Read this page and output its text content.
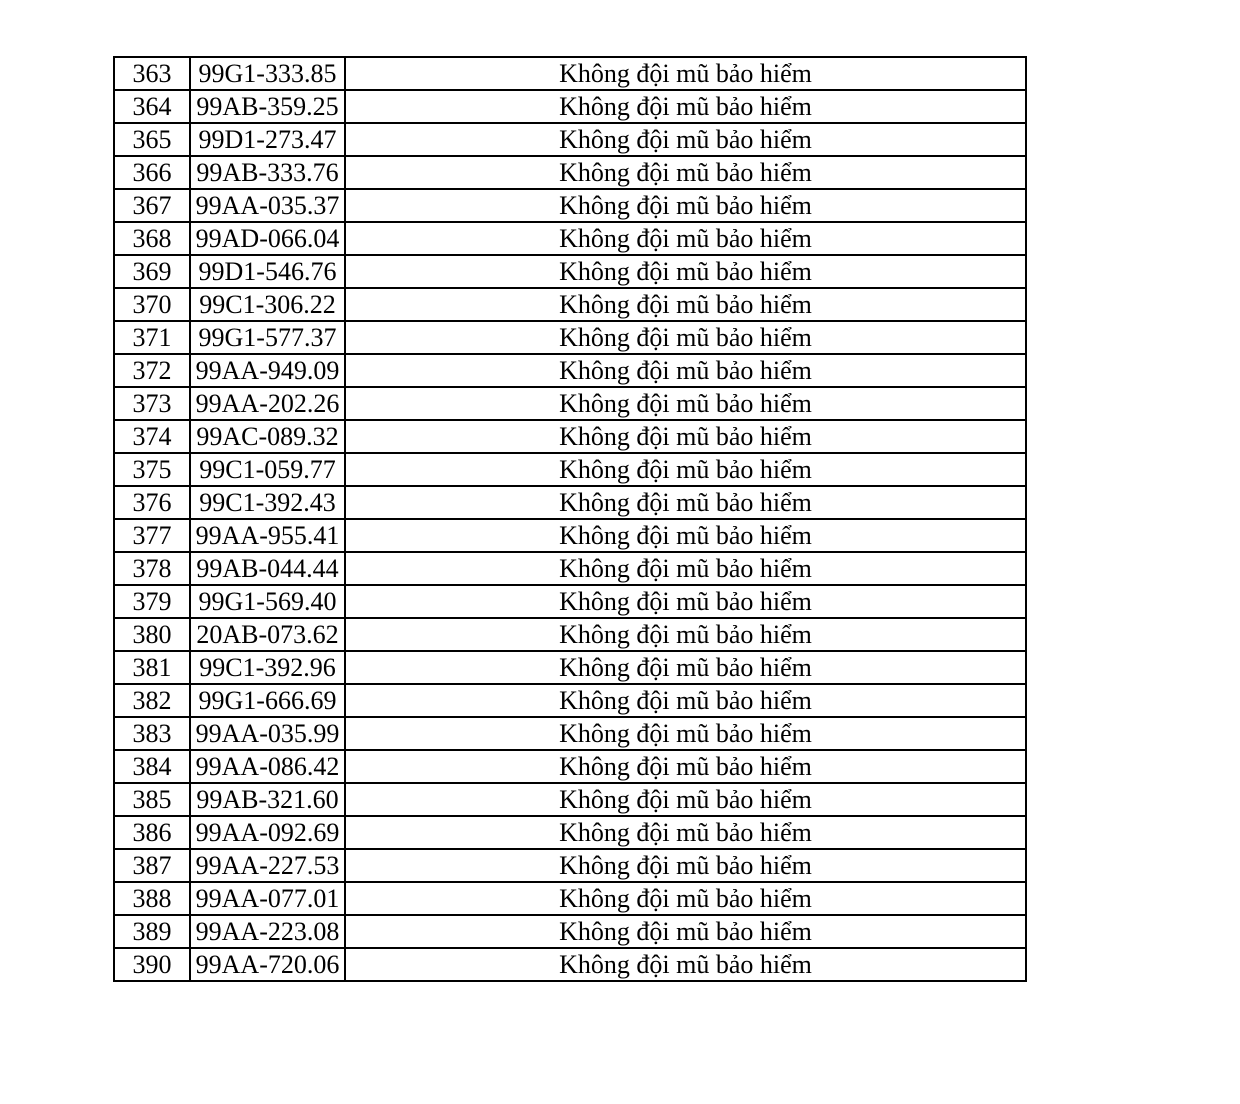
363	99G1-333.85	Không đội mũ bảo hiểm
364	99AB-359.25	Không đội mũ bảo hiểm
365	99D1-273.47	Không đội mũ bảo hiểm
366	99AB-333.76	Không đội mũ bảo hiểm
367	99AA-035.37	Không đội mũ bảo hiểm
368	99AD-066.04	Không đội mũ bảo hiểm
369	99D1-546.76	Không đội mũ bảo hiểm
370	99C1-306.22	Không đội mũ bảo hiểm
371	99G1-577.37	Không đội mũ bảo hiểm
372	99AA-949.09	Không đội mũ bảo hiểm
373	99AA-202.26	Không đội mũ bảo hiểm
374	99AC-089.32	Không đội mũ bảo hiểm
375	99C1-059.77	Không đội mũ bảo hiểm
376	99C1-392.43	Không đội mũ bảo hiểm
377	99AA-955.41	Không đội mũ bảo hiểm
378	99AB-044.44	Không đội mũ bảo hiểm
379	99G1-569.40	Không đội mũ bảo hiểm
380	20AB-073.62	Không đội mũ bảo hiểm
381	99C1-392.96	Không đội mũ bảo hiểm
382	99G1-666.69	Không đội mũ bảo hiểm
383	99AA-035.99	Không đội mũ bảo hiểm
384	99AA-086.42	Không đội mũ bảo hiểm
385	99AB-321.60	Không đội mũ bảo hiểm
386	99AA-092.69	Không đội mũ bảo hiểm
387	99AA-227.53	Không đội mũ bảo hiểm
388	99AA-077.01	Không đội mũ bảo hiểm
389	99AA-223.08	Không đội mũ bảo hiểm
390	99AA-720.06	Không đội mũ bảo hiểm
